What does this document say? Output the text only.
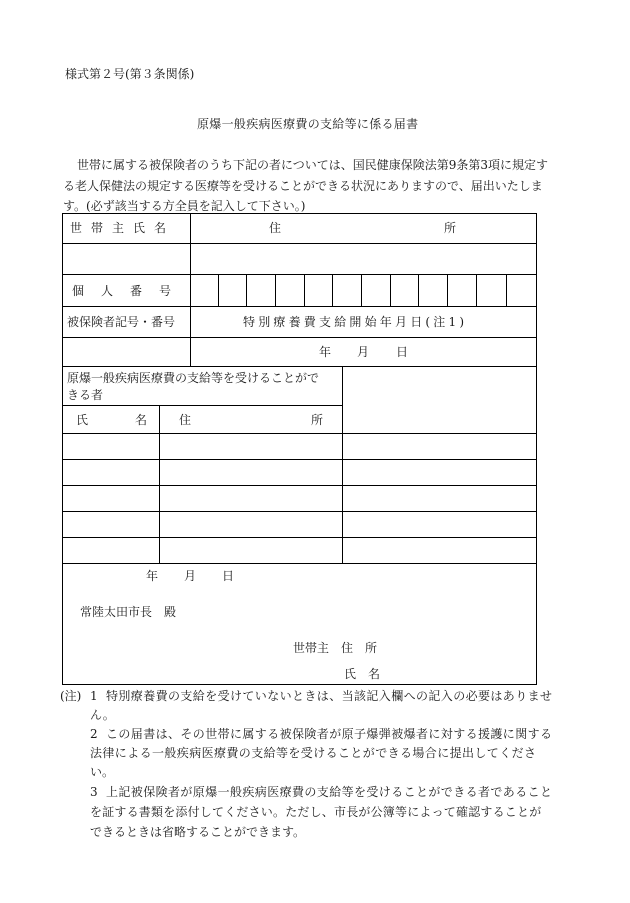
様式第２号(第３条関係)
原爆一般疾病医療費の支給等に係る届書
世帯に属する被保険者のうち下記の者については、国民健康保険法第9条第3項に規定す
る老人保健法の規定する医療等を受けることができる状況にありますので、届出いたしま
す。(必ず該当する方全員を記入して下さい。)
世帯主氏名	住	所
個人番号
被保険者記号・番号	特別療養費支給開始年月日(注1)
年 月 日
原爆一般疾病医療費の支給等を受けることがで
きる者
氏	名	住	所
年 月 日
常陸太田市長　殿
世帯主　住　所
氏　名
(注) 1 特別療養費の支給を受けていないときは、当該記入欄への記入の必要はありませ
ん。
2 この届書は、その世帯に属する被保険者が原子爆弾被爆者に対する援護に関する
法律による一般疾病医療費の支給等を受けることができる場合に提出してくださ
い。
3 上記被保険者が原爆一般疾病医療費の支給等を受けることができる者であること
を証する書類を添付してください。ただし、市長が公簿等によって確認することが
できるときは省略することができます。
